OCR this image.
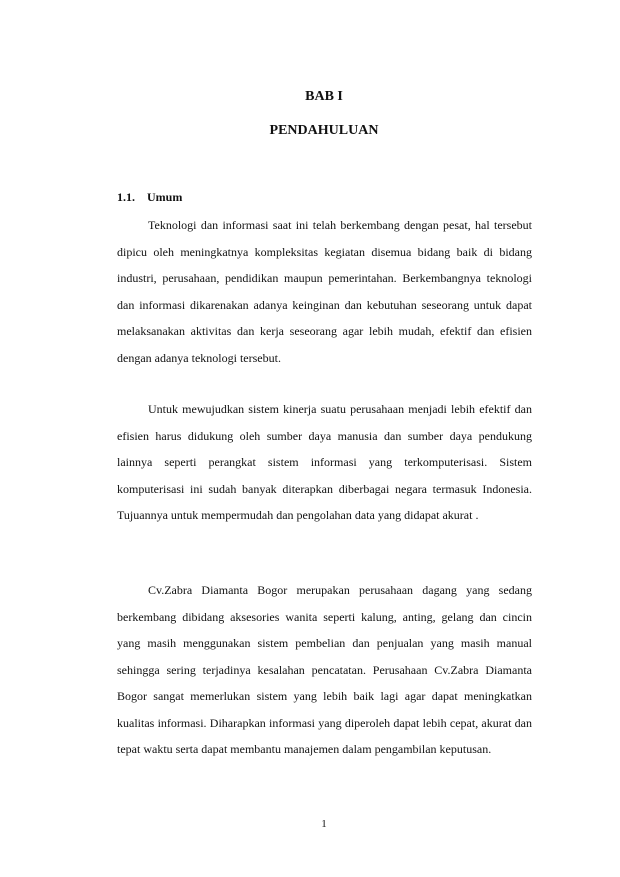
BAB I
PENDAHULUAN
1.1. Umum

Teknologi dan informasi saat ini telah berkembang dengan pesat, hal tersebut dipicu oleh meningkatnya kompleksitas kegiatan disemua bidang baik di bidang industri, perusahaan, pendidikan maupun pemerintahan. Berkembangnya teknologi dan informasi dikarenakan adanya keinginan dan kebutuhan seseorang untuk dapat melaksanakan aktivitas dan kerja seseorang agar lebih mudah, efektif dan efisien dengan adanya teknologi tersebut.

Untuk mewujudkan sistem kinerja suatu perusahaan menjadi lebih efektif dan efisien harus didukung oleh sumber daya manusia dan sumber daya pendukung lainnya seperti perangkat sistem informasi yang terkomputerisasi. Sistem komputerisasi ini sudah banyak diterapkan diberbagai negara termasuk Indonesia. Tujuannya untuk mempermudah dan pengolahan data yang didapat akurat .

Cv.Zabra Diamanta Bogor merupakan perusahaan dagang yang sedang berkembang dibidang aksesories wanita seperti kalung, anting, gelang dan cincin yang masih menggunakan sistem pembelian dan penjualan yang masih manual sehingga sering terjadinya kesalahan pencatatan. Perusahaan Cv.Zabra Diamanta Bogor sangat memerlukan sistem yang lebih baik lagi agar dapat meningkatkan kualitas informasi. Diharapkan informasi yang diperoleh dapat lebih cepat, akurat dan tepat waktu serta dapat membantu manajemen dalam pengambilan keputusan.

1
